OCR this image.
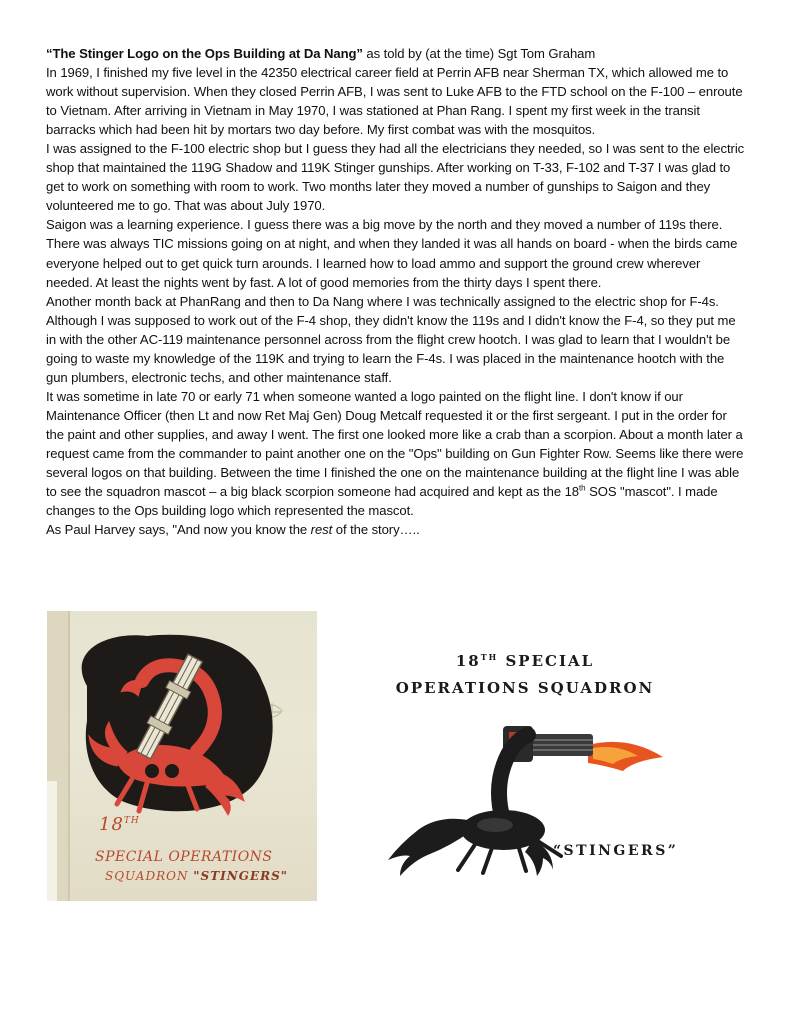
“The Stinger Logo on the Ops Building at Da Nang” as told by (at the time) Sgt Tom Graham

In 1969, I finished my five level in the 42350 electrical career field at Perrin AFB near Sherman TX, which allowed me to work without supervision. When they closed Perrin AFB, I was sent to Luke AFB to the FTD school on the F-100 – enroute to Vietnam. After arriving in Vietnam in May 1970, I was stationed at Phan Rang. I spent my first week in the transit barracks which had been hit by mortars two day before. My first combat was with the mosquitos.

I was assigned to the F-100 electric shop but I guess they had all the electricians they needed, so I was sent to the electric shop that maintained the 119G Shadow and 119K Stinger gunships. After working on T-33, F-102 and T-37 I was glad to get to work on something with room to work. Two months later they moved a number of gunships to Saigon and they volunteered me to go. That was about July 1970.

Saigon was a learning experience. I guess there was a big move by the north and they moved a number of 119s there. There was always TIC missions going on at night, and when they landed it was all hands on board - when the birds came everyone helped out to get quick turn arounds. I learned how to load ammo and support the ground crew wherever needed. At least the nights went by fast. A lot of good memories from the thirty days I spent there.

Another month back at PhanRang and then to Da Nang where I was technically assigned to the electric shop for F-4s. Although I was supposed to work out of the F-4 shop, they didn't know the 119s and I didn't know the F-4, so they put me in with the other AC-119 maintenance personnel across from the flight crew hootch. I was glad to learn that I wouldn't be going to waste my knowledge of the 119K and trying to learn the F-4s. I was placed in the maintenance hootch with the gun plumbers, electronic techs, and other maintenance staff.

It was sometime in late 70 or early 71 when someone wanted a logo painted on the flight line. I don't know if our Maintenance Officer (then Lt and now Ret Maj Gen) Doug Metcalf requested it or the first sergeant. I put in the order for the paint and other supplies, and away I went. The first one looked more like a crab than a scorpion. About a month later a request came from the commander to paint another one on the "Ops" building on Gun Fighter Row. Seems like there were several logos on that building. Between the time I finished the one on the maintenance building at the flight line I was able to see the squadron mascot – a big black scorpion someone had acquired and kept as the 18th SOS "mascot". I made changes to the Ops building logo which represented the mascot.

As Paul Harvey says, "And now you know the rest of the story…..

18TH
SPECIAL OPERATIONS
SQUADRON "STINGERS"
18TH SPECIAL
OPERATIONS SQUADRON
“STINGERS”
